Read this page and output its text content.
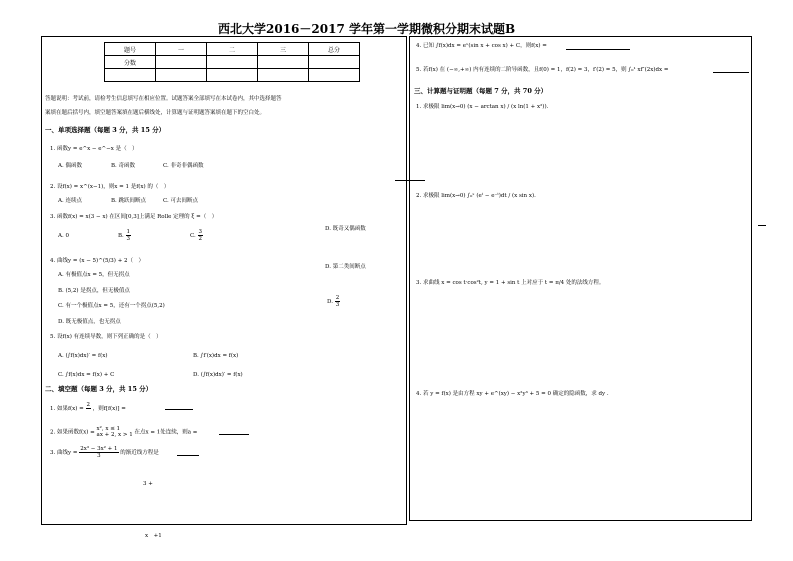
西北大学2016－2017 学年第一学期微积分期末试题B
题号	一	二	三	总分
分数				

答题说明：考试前，请检考生信息填写在相应位置。试题答案全部填写在本试卷内，其中选择题答
案填在题后括号内，填空题答案填在题后横线处，计算题与证明题答案填在题下的空白处。
一、单项选择题（每题 3 分，共 15 分）
1. 函数y = e^x − e^−x 是（　）
A. 偶函数	B. 奇函数	C. 非奇非偶函数
D. 既奇又偶函数
2. 设f(x) = x^(x−1)，则x = 1 是f(x) 的（　）
A. 连续点	B. 跳跃间断点	C. 可去间断点
D. 第二类间断点
3. 函数f(x) = x(3 − x) 在区间[0,3]上满足 Rolle 定理的 ξ =（　）
A. 0	B. $\frac{1}{3}$	C. $\frac{3}{2}$
D. $\frac{2}{3}$
4. 曲线y = (x − 5)^(5/3) + 2（　）
A. 有极值点x = 5，但无拐点
B. (5,2) 是拐点，但无极值点
C. 有一个极值点x = 5，还有一个拐点(5,2)
D. 既无极值点，也无拐点
5. 设f(x) 有连续导数，则下列正确的是（　）
A. (∫f(x)dx)′ = f(x)	B. ∫f′(x)dx = f(x)
C. ∫f(x)dx = f(x) + C	D. (∫f(x)dx)′ = f(x)
二、填空题（每题 3 分，共 15 分）
1. 如果f(x) =
2

，则f[f(x)] =
2. 如果函数f(x) =
x², x ≤ 1
ax + 2, x > 1 在点x = 1处连续，则a =
3. 曲线$y = \frac{\text{2x³ − 3x² + 1}}{3}$ 的渐近线方程是
3 +
x　+1
4. 已知 ∫f(x)dx = eˣ(sin x + cos x) + C，则f(x) =
5. 若f(x) 在 (−∞,+∞) 内有连续的二阶导函数，且f(0) = 1，f(2) = 3，f′(2) = 5，则 ∫₀¹ xf″(2x)dx =
三、计算题与证明题（每题 7 分，共 70 分）
1. 求极限 lim(x→0) (x − arctan x) / (x ln(1 + x²)).
2. 求极限 lim(x→0) ∫₀ˣ (eᵗ − e⁻ᵗ)dt / (x sin x).
3. 求曲线 x = cos t·cos²t, y = 1 + sin t 上对应于 t = π/4 处的法线方程。
4. 若 y = f(x) 是由方程 xy + e^(xy) − x²y³ + 5 = 0 确定的隐函数，求 dy .
